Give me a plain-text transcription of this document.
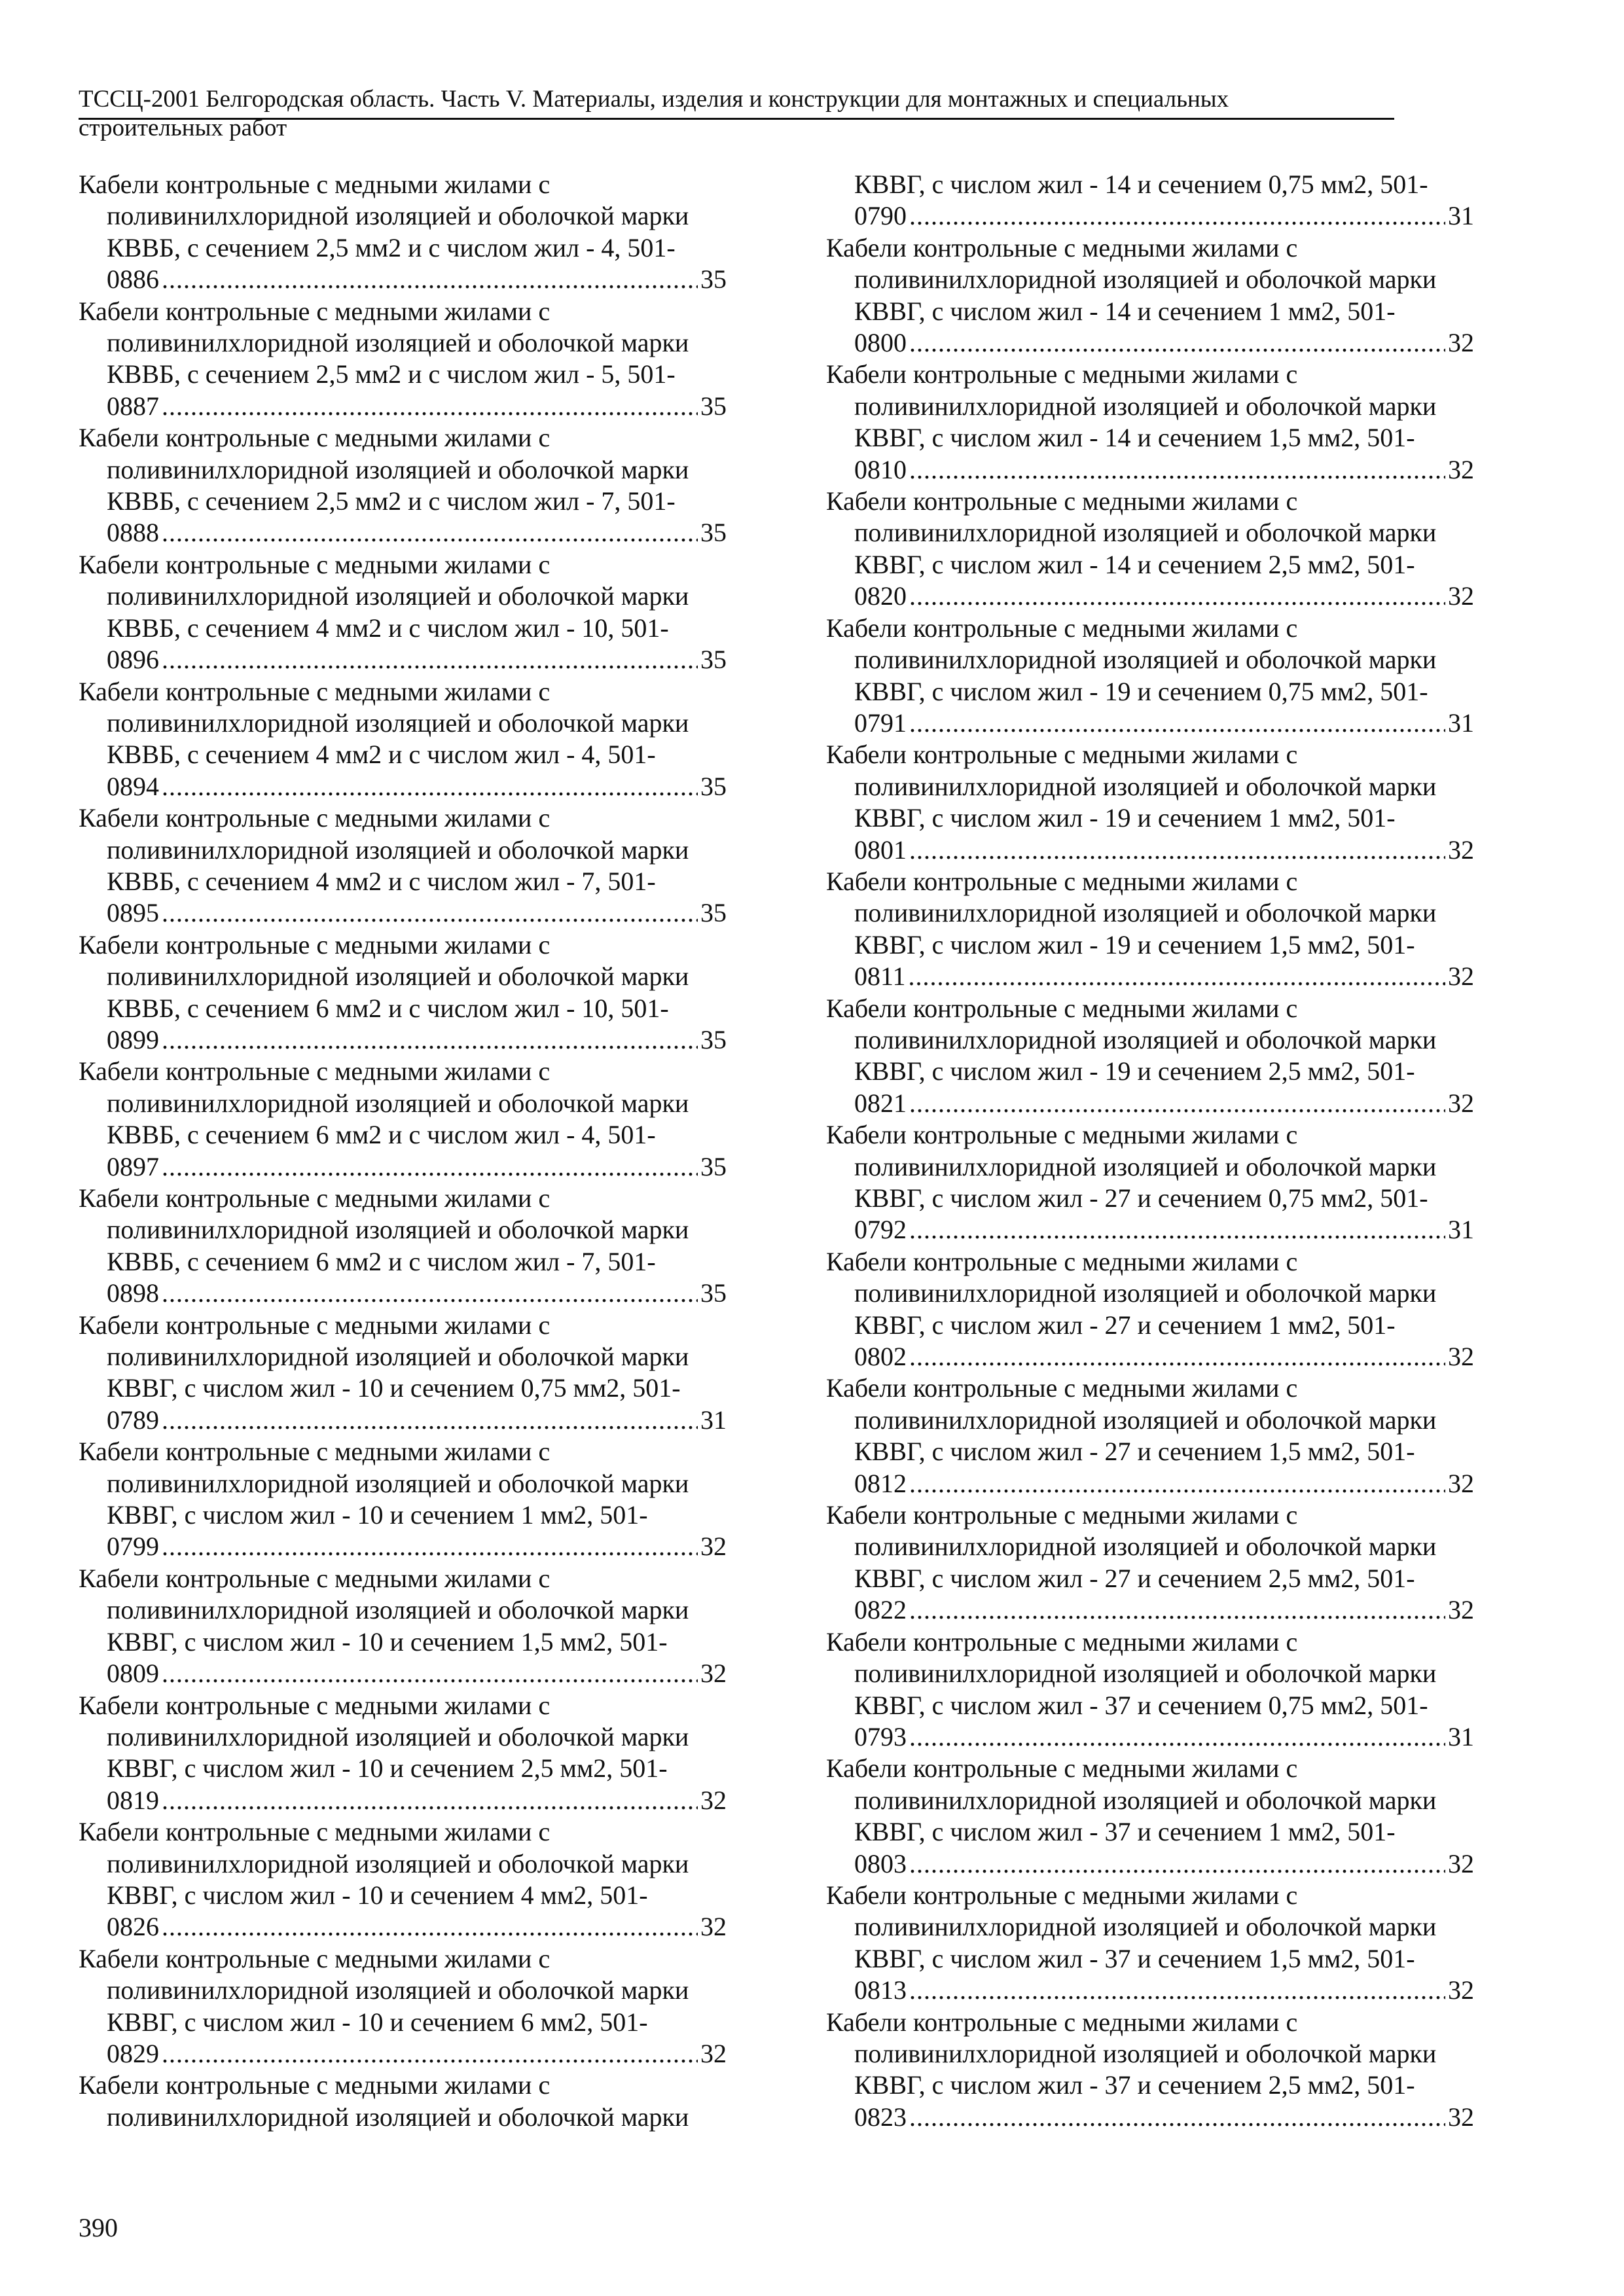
ТССЦ-2001 Белгородская область. Часть V. Материалы, изделия и конструкции для монтажных и специальных
строительных работ
Кабели контрольные с медными жилами с
поливинилхлоридной изоляцией и оболочкой марки
КВВБ, с сечением 2,5 мм2 и с числом жил - 4, 501-
0886 .....	35
Кабели контрольные с медными жилами с
поливинилхлоридной изоляцией и оболочкой марки
КВВБ, с сечением 2,5 мм2 и с числом жил - 5, 501-
0887 .....	35
Кабели контрольные с медными жилами с
поливинилхлоридной изоляцией и оболочкой марки
КВВБ, с сечением 2,5 мм2 и с числом жил - 7, 501-
0888 .....	35
Кабели контрольные с медными жилами с
поливинилхлоридной изоляцией и оболочкой марки
КВВБ, с сечением 4 мм2 и с числом жил - 10, 501-
0896 .....	35
Кабели контрольные с медными жилами с
поливинилхлоридной изоляцией и оболочкой марки
КВВБ, с сечением 4 мм2 и с числом жил - 4, 501-
0894 .....	35
Кабели контрольные с медными жилами с
поливинилхлоридной изоляцией и оболочкой марки
КВВБ, с сечением 4 мм2 и с числом жил - 7, 501-
0895 .....	35
Кабели контрольные с медными жилами с
поливинилхлоридной изоляцией и оболочкой марки
КВВБ, с сечением 6 мм2 и с числом жил - 10, 501-
0899 .....	35
Кабели контрольные с медными жилами с
поливинилхлоридной изоляцией и оболочкой марки
КВВБ, с сечением 6 мм2 и с числом жил - 4, 501-
0897 .....	35
Кабели контрольные с медными жилами с
поливинилхлоридной изоляцией и оболочкой марки
КВВБ, с сечением 6 мм2 и с числом жил - 7, 501-
0898 .....	35
Кабели контрольные с медными жилами с
поливинилхлоридной изоляцией и оболочкой марки
КВВГ, с числом жил - 10 и сечением 0,75 мм2, 501-
0789 .....	31
Кабели контрольные с медными жилами с
поливинилхлоридной изоляцией и оболочкой марки
КВВГ, с числом жил - 10 и сечением 1 мм2, 501-
0799 .....	32
Кабели контрольные с медными жилами с
поливинилхлоридной изоляцией и оболочкой марки
КВВГ, с числом жил - 10 и сечением 1,5 мм2, 501-
0809 .....	32
Кабели контрольные с медными жилами с
поливинилхлоридной изоляцией и оболочкой марки
КВВГ, с числом жил - 10 и сечением 2,5 мм2, 501-
0819 .....	32
Кабели контрольные с медными жилами с
поливинилхлоридной изоляцией и оболочкой марки
КВВГ, с числом жил - 10 и сечением 4 мм2, 501-
0826 .....	32
Кабели контрольные с медными жилами с
поливинилхлоридной изоляцией и оболочкой марки
КВВГ, с числом жил - 10 и сечением 6 мм2, 501-
0829 .....	32
Кабели контрольные с медными жилами с
поливинилхлоридной изоляцией и оболочкой марки
КВВГ, с числом жил - 14 и сечением 0,75 мм2, 501-
0790 .....	31
Кабели контрольные с медными жилами с
поливинилхлоридной изоляцией и оболочкой марки
КВВГ, с числом жил - 14 и сечением 1 мм2, 501-
0800 .....	32
Кабели контрольные с медными жилами с
поливинилхлоридной изоляцией и оболочкой марки
КВВГ, с числом жил - 14 и сечением 1,5 мм2, 501-
0810 .....	32
Кабели контрольные с медными жилами с
поливинилхлоридной изоляцией и оболочкой марки
КВВГ, с числом жил - 14 и сечением 2,5 мм2, 501-
0820 .....	32
Кабели контрольные с медными жилами с
поливинилхлоридной изоляцией и оболочкой марки
КВВГ, с числом жил - 19 и сечением 0,75 мм2, 501-
0791 .....	31
Кабели контрольные с медными жилами с
поливинилхлоридной изоляцией и оболочкой марки
КВВГ, с числом жил - 19 и сечением 1 мм2, 501-
0801 .....	32
Кабели контрольные с медными жилами с
поливинилхлоридной изоляцией и оболочкой марки
КВВГ, с числом жил - 19 и сечением 1,5 мм2, 501-
0811 .....	32
Кабели контрольные с медными жилами с
поливинилхлоридной изоляцией и оболочкой марки
КВВГ, с числом жил - 19 и сечением 2,5 мм2, 501-
0821 .....	32
Кабели контрольные с медными жилами с
поливинилхлоридной изоляцией и оболочкой марки
КВВГ, с числом жил - 27 и сечением 0,75 мм2, 501-
0792 .....	31
Кабели контрольные с медными жилами с
поливинилхлоридной изоляцией и оболочкой марки
КВВГ, с числом жил - 27 и сечением 1 мм2, 501-
0802 .....	32
Кабели контрольные с медными жилами с
поливинилхлоридной изоляцией и оболочкой марки
КВВГ, с числом жил - 27 и сечением 1,5 мм2, 501-
0812 .....	32
Кабели контрольные с медными жилами с
поливинилхлоридной изоляцией и оболочкой марки
КВВГ, с числом жил - 27 и сечением 2,5 мм2, 501-
0822 .....	32
Кабели контрольные с медными жилами с
поливинилхлоридной изоляцией и оболочкой марки
КВВГ, с числом жил - 37 и сечением 0,75 мм2, 501-
0793 .....	31
Кабели контрольные с медными жилами с
поливинилхлоридной изоляцией и оболочкой марки
КВВГ, с числом жил - 37 и сечением 1 мм2, 501-
0803 .....	32
Кабели контрольные с медными жилами с
поливинилхлоридной изоляцией и оболочкой марки
КВВГ, с числом жил - 37 и сечением 1,5 мм2, 501-
0813 .....	32
Кабели контрольные с медными жилами с
поливинилхлоридной изоляцией и оболочкой марки
КВВГ, с числом жил - 37 и сечением 2,5 мм2, 501-
0823 .....	32
390
